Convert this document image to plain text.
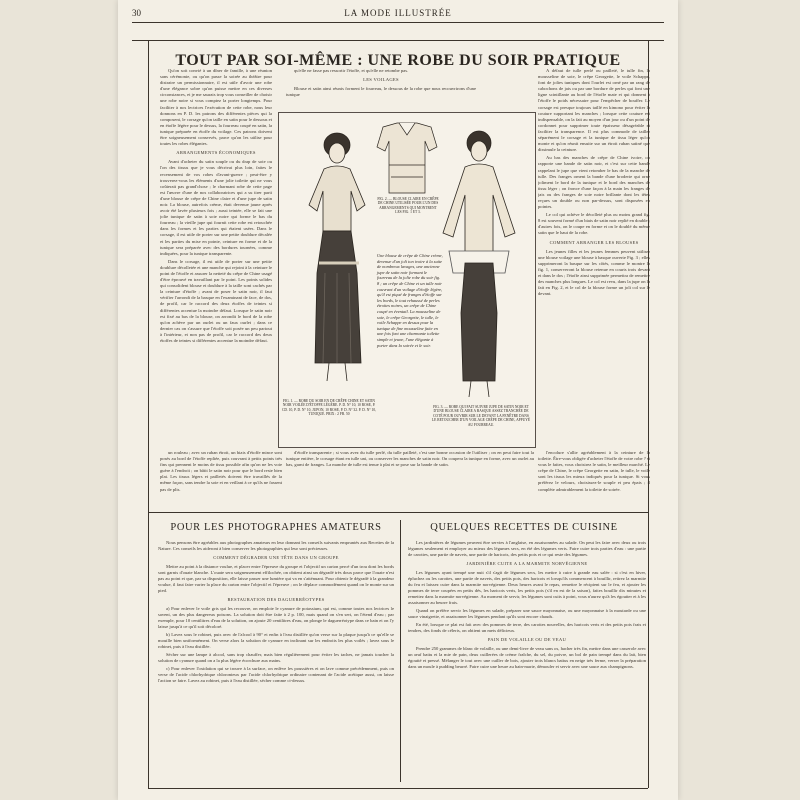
30	LA MODE ILLUSTRÉE
TOUT PAR SOI-MÊME : UNE ROBE DU SOIR PRATIQUE

Qu'on soit convié à un dîner de famille, à une réunion sans cérémonie, ou qu'on passe la soirée au théâtre pour distraire un permissionnaire, il est utile d'avoir une robe d'une élégance sobre qu'on puisse mettre en ces diverses circonstances, et je me saurais trop vous conseiller de choisir une robe noire si vous comptez la porter longtemps. Pour faciliter à nos lectrices l'exécution de cette robe, nous leur donnons en P. D. les patrons des différentes pièces qui la composent, le corsage qu'on taille en satin pour le dessous et en étoffe légère pour le dessus, la fourreau coupé en satin, la tunique préparée en étoffe du voilage. Ces patrons doivent être soigneusement conservés, parce qu'on les utilise pour toutes les robes élégantes.

ARRANGEMENTS ÉCONOMIQUES

Avant d'acheter du satin souple ou du drap de soie ou l'on des tissus que je vous décrivai plus loin, faites le recensement de vos robes d'avant-guerre ; peut-être y trouverez-vous les éléments d'une jolie toilette qui ne vous coûterait pas grand'chose ; le charmant robe de cette page est l'œuvre d'une de nos collaboratrices qui a su tirer parti d'une blouse de crêpe de Chine claire et d'une jupe de satin noir. La blouse, autrefois crème, était devenue jaune après avoir été lavée plusieurs fois ; aussi teintée, elle se fait une jolie tunique de satin à soie noire qui forme le bas du fourreau ; la vieille jupe qui fournit cette robe est retouchée dans les formes et les parties qui étaient usées. Dans le corsage, il est utile de porter sur une petite doublure décalée et les parties du mise en pointe, ceinture en forme et de la tunique sera préparée avec des bordures tournées, comme indiquées, pour la tunique transparente.

Dans le corsage, il est utile de porter sur une petite doublure décolletée et une manche qui rejoint à la ceinture le point de l'étoffe et assurer la netteté du crêpe de Chine usagé d'être éprouvé en travaillant par le point. Les points solides qui consolident blouse et doublure à la taille sont cachés par la ceinture d'étoffe ; avant de poser le satin noir, il faut vérifier l'arrondi de la basque en l'examinant de face, de dos, de profil, car le raccord des deux étoffes de teintes si différentes accentue la moindre défaut. Lorsque le satin noir est fixé au bas de la blouse, on arrondit le bord de la robe qu'on achève par un ourlet ou un faux ourlet ; dans ce dernier cas on s'assure que l'étoffe soit posée un peu partout à l'intérieur, et non pas de profil, car le raccord des deux étoffes de teintes si différentes accentue la moindre défaut.

un rouleau ; avec un ruban étroit, un biais d'étoffe mince sont posés au bord de l'étoffe repliée, puis couvrant à petits points très fins qui prennent le moins de tissu possible afin qu'on ne les voie guère à l'endroit ; on bâtit le satin noir pour que le bord reste bien plat. Les tissus légers et pailletés doivent être travaillés de la même façon, sans tendre la soie et en veillant à ce qu'ils ne fassent pas de plis.

qu'elle ne fasse pas ressortir l'étoffe, et qu'elle ne retombe pas.

LES VOILAGES

Blouse et satin ainsi réunis forment le fourreau, le dessous de la robe que nous recouvrirons d'une tunique

A défaut de tulle perlé ou pailleté, le tulle fin, la mousseline de soie, le crêpe Georgette, le voile Schappe, font de jolies tuniques dont l'ourlet est orné par un rang de cabochons de jais ou par une bordure de perles qui font une ligne scintillante au bord de l'étoffe mate et qui donnent à l'étoffe le poids nécessaire pour l'empêcher de bouffer. Le corsage est presque toujours taillé en kimono pour éviter la couture supportant les manches ; lorsque cette couture est indispensable, on la fait au moyen d'un jour ou d'un point de cordonnet pour supprimer toute épaisseur désagréable et faciliter la transparence. Il est plus commode de tailler séparément le corsage et la tunique de tissu léger qu'on monte et qu'on réunit ensuite sur un étroit ruban satiné que dissimule la ceinture.

Au bas des manches de crêpe de Chine ivoire, on rapporte une bande de satin noir, et c'est sur cette bande rappelant le jupe que vient retomber le bas de la manche de tulle. Des franges ornent la bande d'une broderie qui orne joliment le bord de la tunique et le bord des manches de tissu léger ; on fronce d'une façon à la main les franges de jais ou des franges de soie noire brillante dont les têtes reçues un double ou non par-dessus, sont disposées en pointes.

Le col qui achève le décolleté plus ou moins grand fig. 8 est souvent formé d'un biais de satin noir replié en double ; d'autres fois, on le coupe en forme et on le doublé du même satin que le haut de la robe.

COMMENT ARRANGER LES BLOUSES

Les jeunes filles et les jeunes femmes peuvent utiliser une blouse voilage une blouse à basque ouverte Fig. 3 ; elles supprimeront la basque sur les côtés, comme le montre la fig. 1, conserveront la blouse retenue en courts trois devant et dans le dos ; l'étoffe ainsi supprimée permettra de remettre des manches plus longues. Le col est revu, dans la jupe on la fait en Fig. 2, et le col de la blouse forme un joli col sur le devant.

l'encolure s'allie agréablement à la ceinture de la toilette. Être-vous obligée d'acheter l'étoffe de votre robe ? si vous le faites, vous choisirez le satin, le meilleur marché. Le crêpe de Chine, le crêpe Georgette en satin, le tulle, le voile sont les tissus les mieux indiqués pour la tunique. Si vous préférez le velours, choisissez-le souple et peu épais ; il complète admirablement la toilette de soirée.

d'étoffe transparente ; si vous avez du tulle perlé, du tulle pailleté, c'est une bonne occasion de l'utiliser ; on en peut faire tout la tunique entière, le corsage étant en tulle uni, ou conserver les manches de satin noir. On coupera la tunique en forme, avec un ourlet au bas, garni de franges. La manche de tulle est tenue à plat et se pose sur la bande de satin.

Une blouse de crêpe de Chine crème, devenue d'un joli ton ivoire à la suite de nombreux lavages, une ancienne jupe de satin noir formant le fourreau de la jolie robe du soir fig. 8 ; un crêpe de Chine et un tulle noir couvrant d'un voilage d'étoffe légère, qu'il est piqué de franges d'étoffe sur les bords, le tout rehaussé de perles étroites noires, un crêpe de Chine coupé en éventail. La mousseline de soie, le crêpe Georgette, le tulle, le voile Schappe en dessus pour la tunique de fine mousseline faite en une fois font une charmante toilette simple et jeune, l'une élégante à porter dans la soirée et le soir.
FIG. 2. — BLOUSE CLAIRE EN CRÊPE DE CHINE UTILISÉE POUR L'UN DES ARRANGEMENTS QUI MONTRENT LES FIG. 1 ET 3.
FIG. 1. — ROBE DU SOIR EN DE CRÊPE CHINE ET SATIN NOIR VOILÉE D'ÉTOFFE LÉGÈRE. P. D. N° 10, 10 ROSE, P. CD. 10, P. D. N° 10, JUPON, 10 ROSE, P. D. N° 32. P. D. N° 10, TUNIQUE. PRIX : 2 FR. 50
FIG. 3. — ROBE QUI FAIT SUIVRE JUPE DE SATIN NOIR ET D'UNE BLOUSE CLAIRE A BASQUE ASSEZ TRANCHÉE DE COTÉ POUR OUVRIR SUR LE DEVANT LA FENÊTRE DANS LE RETOUCHER D'UN VOILAGE CRÉPE DE CHINE, APPUYÉ AU FOURREAU.
POUR LES PHOTOGRAPHES AMATEURS	QUELQUES RECETTES DE CUISINE

Nous pensons être agréables aux photographes amateurs en leur donnant les conseils suivants empruntés aux Recettes de la Nature. Ces conseils les aideront à bien conserver les photographies qui leur sont précieuses.

COMMENT DÉGRADER UNE TÊTE DANS UN GROUPE

Mettre au point à la distance voulue, et placer entre l'épreuve du groupe et l'objectif un carton percé d'un trou dont les bords sont garnis d'ouate blanche. L'ouate sera soigneusement effilochée, on obtient ainsi un dégradé très doux parce que l'ouate n'est pas au point et que, par sa disposition, elle laisse passer une lumière qui va en s'atténuant. Pour obtenir le dégradé à la grandeur voulue, il faut faire varier la place du carton entre l'objectif et l'épreuve ; on le déplace commodément quand on le monte sur un pied.

RESTAURATION DES DAGUERRÉOTYPES

a) Pour enlever le voile gris qui les recouvre, on emploie le cyanure de potassium, qui est, comme toutes nos lectrices le savent, un des plus dangereux poisons. La solution doit être faite à 2 p. 100, mais quand on s'en sert, on l'étend d'eau ; par exemple, pour 10 centilitres d'eau de la solution, on ajoute 20 centilitres d'eau, on plonge le daguerréotype dans ce bain et on l'y laisse jusqu'à ce qu'il soit décoloré.

b) Lavez sous le robinet, puis avec de l'alcool à 90° et enfin à l'eau distillée qu'on verse sur la plaque jusqu'à ce qu'elle se mouille bien uniformément. On verse alors la solution de cyanure en inclinant sur les endroits les plus voilés ; lavez sous le robinet, puis à l'eau distillée.

Sécher sur une lampe à alcool, sans trop chauffer, mais bien régulièrement pour éviter les taches, ne jamais toucher la solution de cyanure quand on a la plus légère écorchure aux mains.

c) Pour enlever l'oxidation qui se trouve à la surface, on enlève les poussières et on lave comme précédemment, puis on verse de l'acide chlorhydrique chloronieux par l'acide chlorhydrique ordinaire contenant de l'acide acétique aussi, on laisse l'action se faire. Lavez au robinet, puis à l'eau distillée, sécher comme ci-dessus.

Les jardinières de légumes peuvent être servies à l'anglaise, en assaisonnées au salade. On peut les faire avec deux ou trois légumes seulement et employer au mieux des légumes secs, en été des légumes verts. Faire cuire trois parties d'eau : une partie de carottes, une partie de navets, une partie de haricots, des petits pois et ce qui reste des légumes.

JARDINIÈRE CUITE A LA MARMITE NORVÉGIENNE

Les légumes ayant trempé une nuit s'il s'agit de légumes secs, les mettre à cuire à grande eau salée : si c'est en hiver, épluchez ou les carottes, une partie de navets, des petits pois, des haricots et lorsqu'ils commencent à bouillir, retirez la marmite du feu et laissez cuire dans la marmite norvégienne. Deux heures avant le repas, remettre le récipient sur le feu, et ajouter les pommes de terre coupées en petits dés, les haricots verts, les petits pois (s'il en est de la saison), faites bouillir dix minutes et remettez dans la marmite norvégienne. Au moment de servir, les légumes sont cuits à point, vous n'aurez qu'à les égoutter et à les assaisonner au beurre frais.

Quand on préfère servir les légumes en salade, préparer une sauce mayonnaise, ou une mayonnaise à la moutarde ou une sauce vinaigrette, et assaisonner les légumes pendant qu'ils sont encore chauds.

En été, lorsque ce plat est fait avec des pommes de terre, des carottes nouvelles, des haricots verts et des petits pois frais et tendres, des fonds de céleris, on obtient un mets délicieux.

PAIN DE VOLAILLE OU DE VEAU

Prendre 250 grammes de blanc de volaille, ou une demi-livre de veau sans os, hacher très fin, mettre dans une casserole avec un œuf battu et la mie de pain, deux cuillerées de crème fraîche, du sel, du poivre, un bol de pain trempé dans du lait, bien égoutté et pressé. Mélanger le tout avec une cuiller de bois, ajouter trois blancs battus en neige très ferme, verser la préparation dans un moule à pudding beurré. Faire cuire une heure au bain-marie, démouler et servir avec une sauce aux champignons.
